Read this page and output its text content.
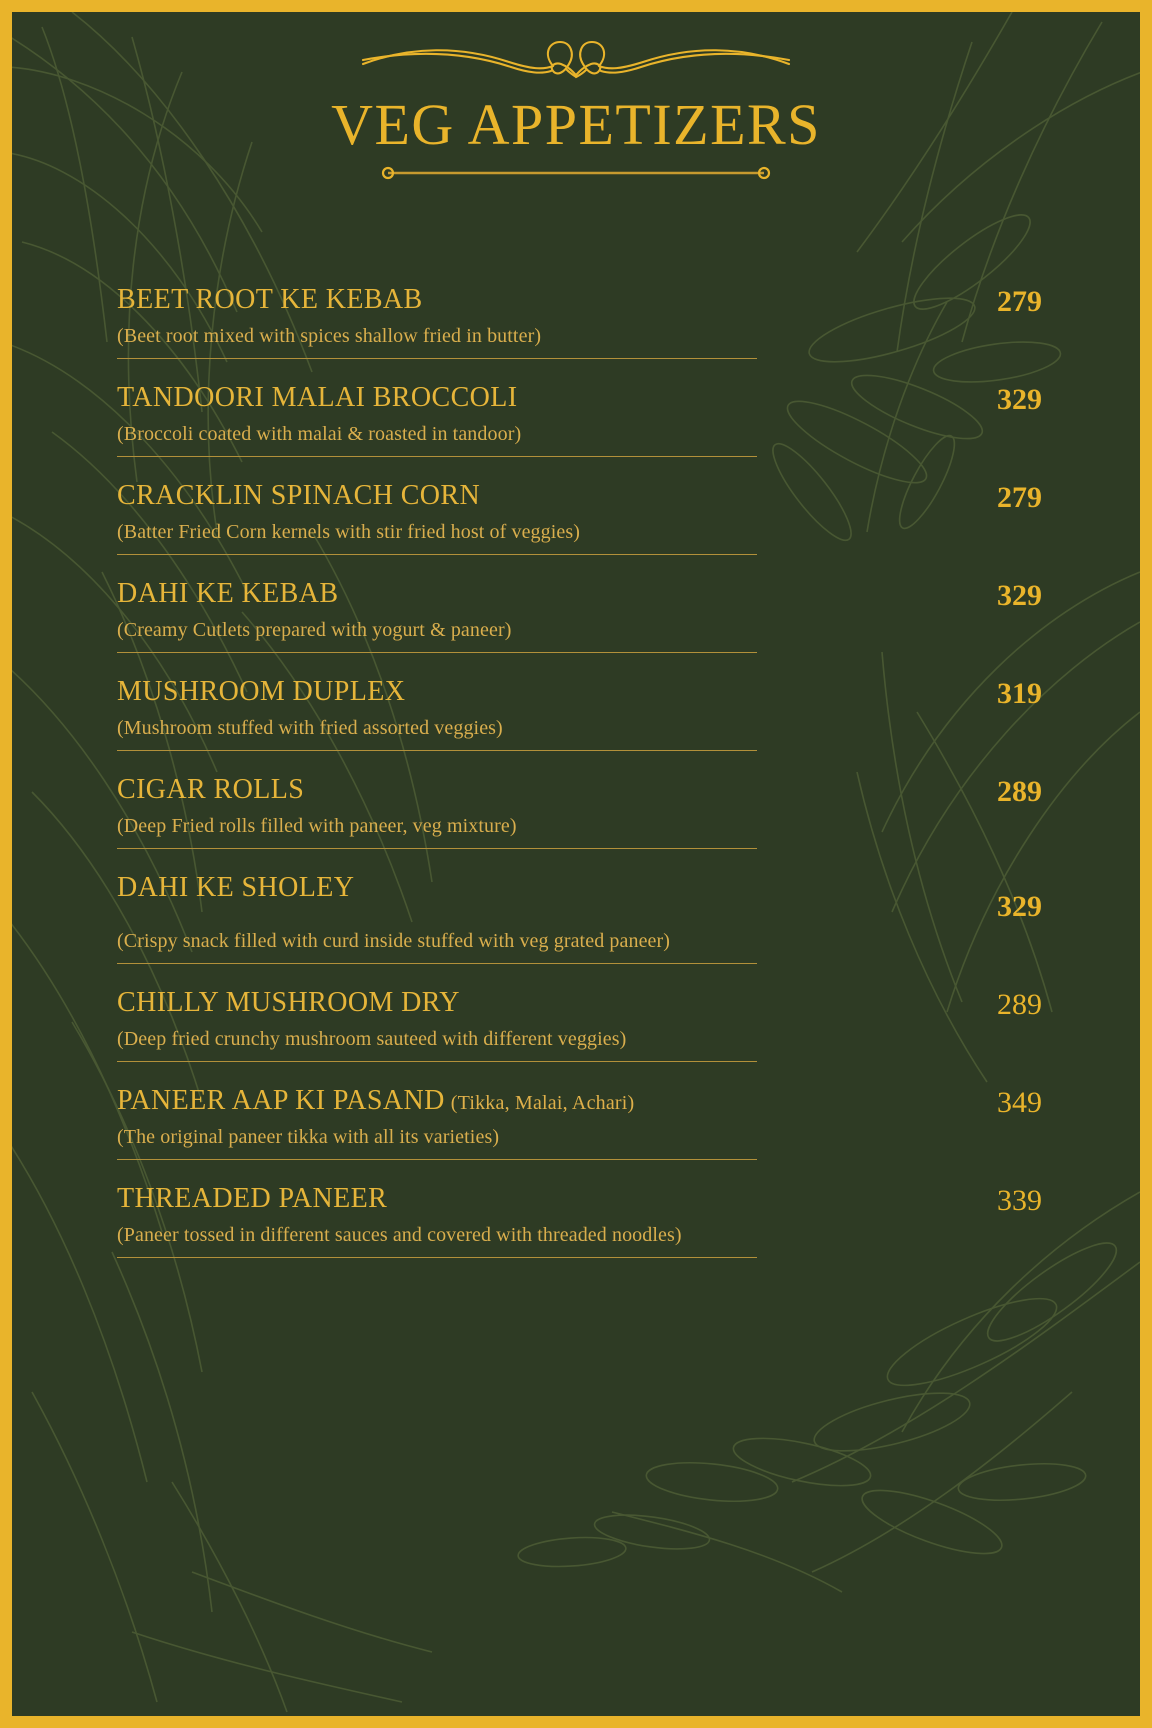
VEG APPETIZERS
BEET ROOT KE KEBAB	279
(Beet root mixed with spices shallow fried in butter)
TANDOORI MALAI BROCCOLI	329
(Broccoli coated with malai & roasted in tandoor)
CRACKLIN SPINACH CORN	279
(Batter Fried Corn kernels with stir fried host of veggies)
DAHI KE KEBAB	329
(Creamy Cutlets prepared with yogurt & paneer)
MUSHROOM DUPLEX	319
(Mushroom stuffed with fried assorted veggies)
CIGAR ROLLS	289
(Deep Fried rolls filled with paneer, veg mixture)
DAHI KE SHOLEY
329
(Crispy snack filled with curd inside stuffed with veg grated paneer)
CHILLY MUSHROOM DRY	289
(Deep fried crunchy mushroom sauteed with different veggies)
PANEER AAP KI PASAND (Tikka, Malai, Achari)	349
(The original paneer tikka with all its varieties)
THREADED PANEER	339
(Paneer tossed in different sauces and covered with threaded noodles)
